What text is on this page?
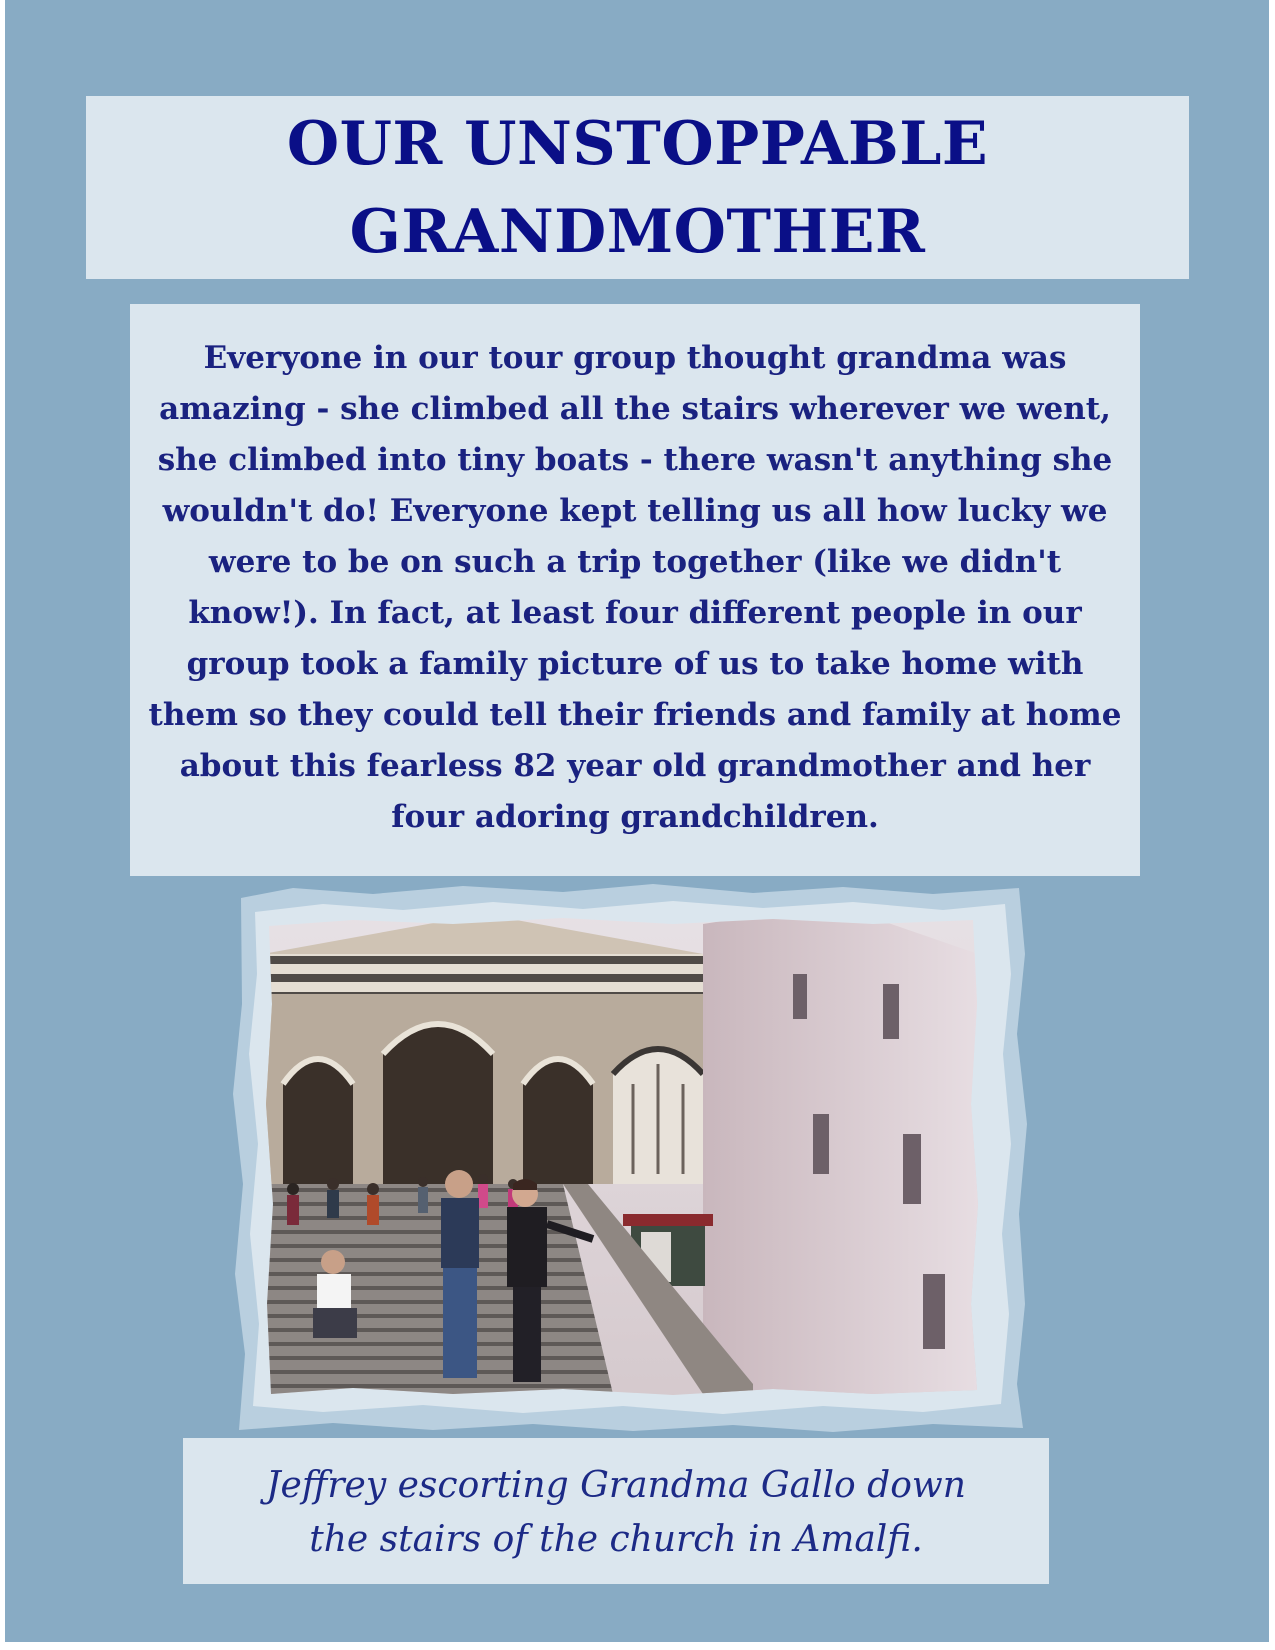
OUR UNSTOPPABLE
GRANDMOTHER
Everyone in our tour group thought grandma was amazing - she climbed all the stairs wherever we went, she climbed into tiny boats - there wasn't anything she wouldn't do! Everyone kept telling us all how lucky we were to be on such a trip together (like we didn't know!). In fact, at least four different people in our group took a family picture of us to take home with them so they could tell their friends and family at home about this fearless 82 year old grandmother and her four adoring grandchildren.
Jeffrey escorting Grandma Gallo down
the stairs of the church in Amalfi.
